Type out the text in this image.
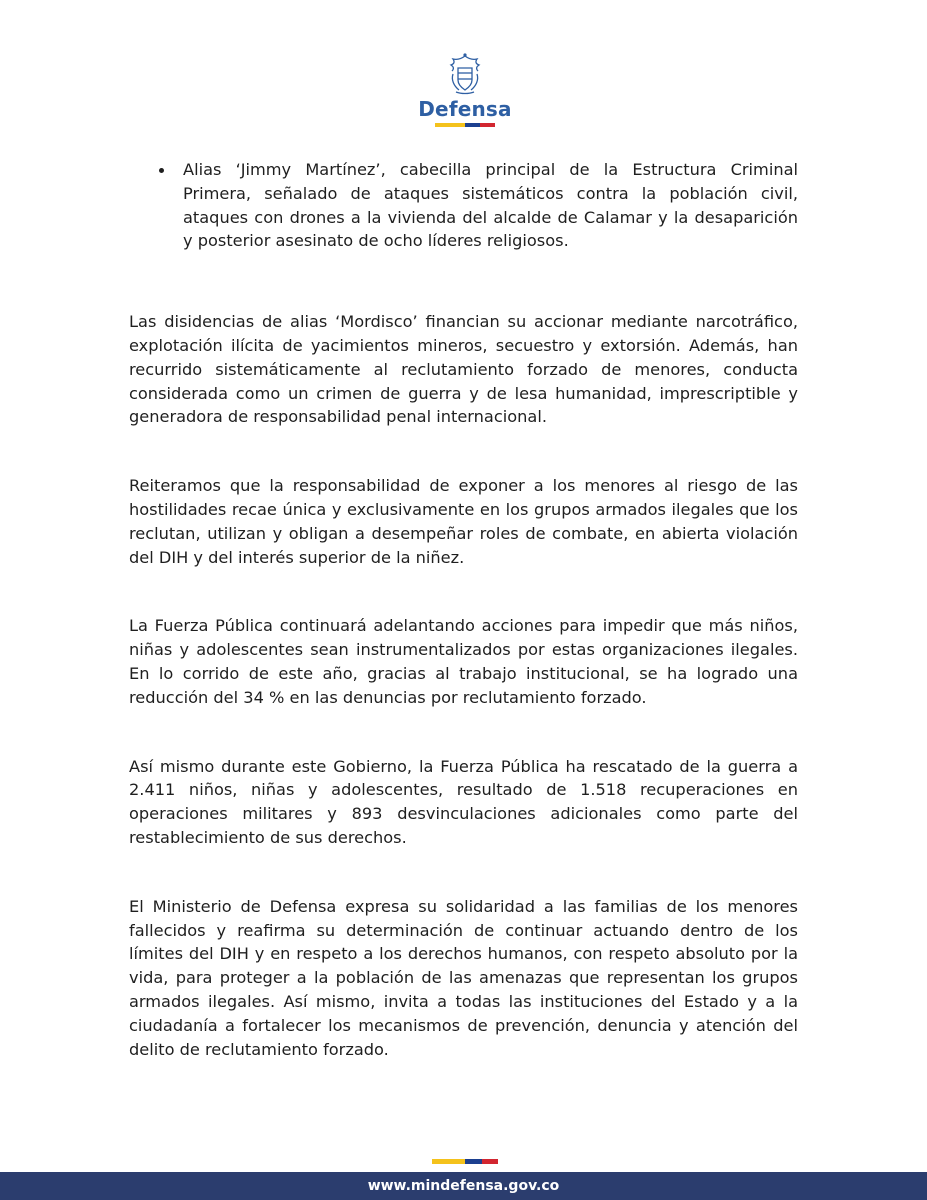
Defensa

Alias ‘Jimmy Martínez’, cabecilla principal de la Estructura Criminal Primera, señalado de ataques sistemáticos contra la población civil, ataques con drones a la vivienda del alcalde de Calamar y la desaparición y posterior asesinato de ocho líderes religiosos.

Las disidencias de alias ‘Mordisco’ financian su accionar mediante narcotráfico, explotación ilícita de yacimientos mineros, secuestro y extorsión. Además, han recurrido sistemáticamente al reclutamiento forzado de menores, conducta considerada como un crimen de guerra y de lesa humanidad, imprescriptible y generadora de responsabilidad penal internacional.

Reiteramos que la responsabilidad de exponer a los menores al riesgo de las hostilidades recae única y exclusivamente en los grupos armados ilegales que los reclutan, utilizan y obligan a desempeñar roles de combate, en abierta violación del DIH y del interés superior de la niñez.

La Fuerza Pública continuará adelantando acciones para impedir que más niños, niñas y adolescentes sean instrumentalizados por estas organizaciones ilegales. En lo corrido de este año, gracias al trabajo institucional, se ha logrado una reducción del 34 % en las denuncias por reclutamiento forzado.

Así mismo durante este Gobierno, la Fuerza Pública ha rescatado de la guerra a 2.411 niños, niñas y adolescentes, resultado de 1.518 recuperaciones en operaciones militares y 893 desvinculaciones adicionales como parte del restablecimiento de sus derechos.

El Ministerio de Defensa expresa su solidaridad a las familias de los menores fallecidos y reafirma su determinación de continuar actuando dentro de los límites del DIH y en respeto a los derechos humanos, con respeto absoluto por la vida, para proteger a la población de las amenazas que representan los grupos armados ilegales. Así mismo, invita a todas las instituciones del Estado y a la ciudadanía a fortalecer los mecanismos de prevención, denuncia y atención del delito de reclutamiento forzado.

www.mindefensa.gov.co
